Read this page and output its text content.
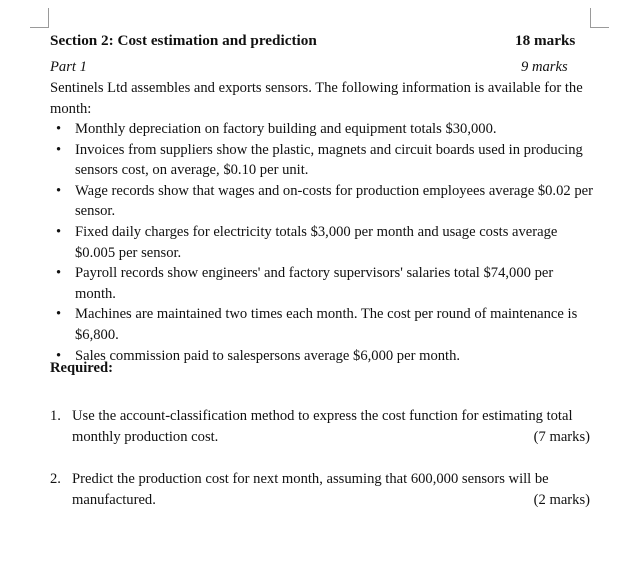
Section 2: Cost estimation and prediction	18 marks
Part 1	9 marks
Sentinels Ltd assembles and exports sensors. The following information is available for the month:
• Monthly depreciation on factory building and equipment totals $30,000.
• Invoices from suppliers show the plastic, magnets and circuit boards used in producing sensors cost, on average, $0.10 per unit.
• Wage records show that wages and on-costs for production employees average $0.02 per sensor.
• Fixed daily charges for electricity totals $3,000 per month and usage costs average $0.005 per sensor.
• Payroll records show engineers' and factory supervisors' salaries total $74,000 per month.
• Machines are maintained two times each month. The cost per round of maintenance is $6,800.
• Sales commission paid to salespersons average $6,000 per month.
Required:
1. Use the account-classification method to express the cost function for estimating total monthly production cost.	(7 marks)
2. Predict the production cost for next month, assuming that 600,000 sensors will be manufactured.	(2 marks)
